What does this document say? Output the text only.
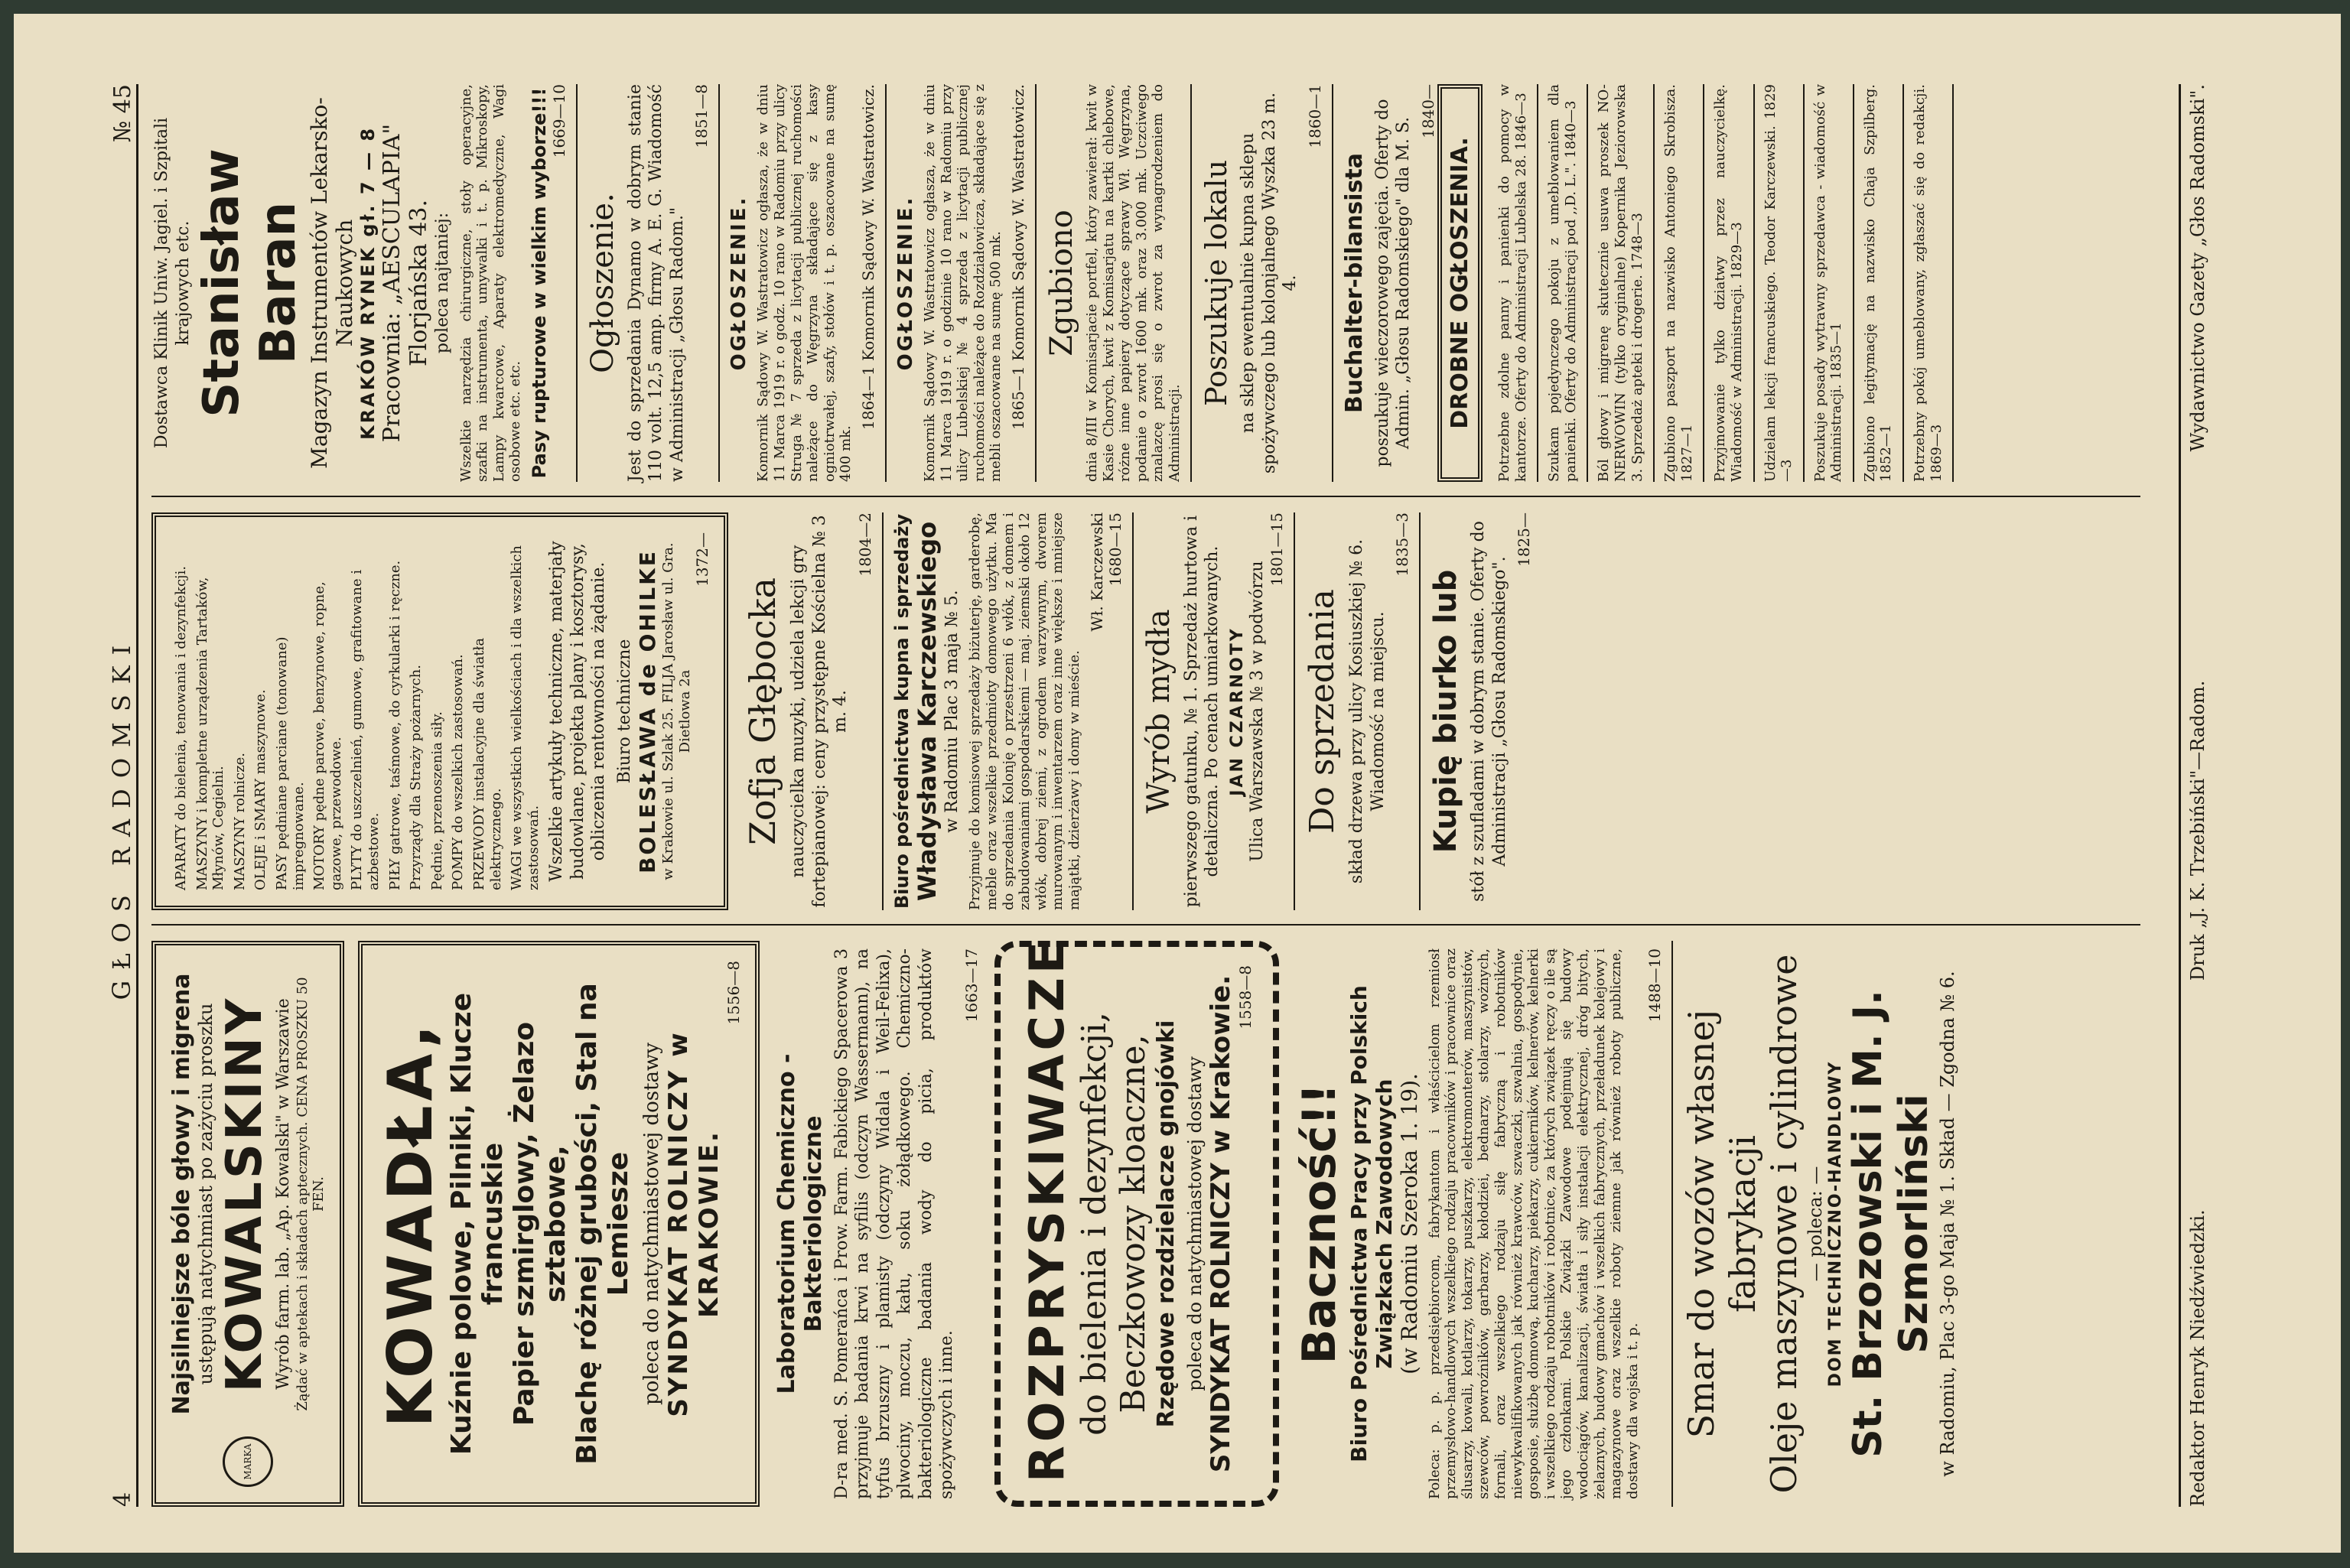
4
GŁOS RADOMSKI
№ 45
MARKA
Najsilniejsze bóle głowy i migrena ustępują natychmiast po zażyciu proszku KOWALSKINY Wyrób farm. lab. „Ap. Kowalski" w Warszawie Żądać w aptekach i składach aptecznych. CENA PROSZKU 50 FEN. KOWADŁA, Kuźnie polowe, Pilniki, Klucze francuskie Papier szmirglowy, Żelazo sztabowe, Blachę różnej grubości, Stal na Lemiesze poleca do natychmiastowej dostawy SYNDYKAT ROLNICZY w KRAKOWIE.
1556—8
Laboratorium Chemiczno - Bakteriologiczne D-ra med. S. Pomerańca i Prow. Farm. Fabickiego Spacerowa 3 przyjmuje badania krwi na syfilis (odczyn Wassermann), na tyfus brzuszny i plamisty (odczyny Widala i Weil-Felixa), plwociny, moczu, kału, soku żołądkowego. Chemiczno-bakteriologiczne badania wody do picia, produktów spożywczych i inne.

1663—17 ROZPRYSKIWACZE do bielenia i dezynfekcji, Beczkowozy kloaczne, Rzędowe rozdzielacze gnojówki poleca do natychmiastowej dostawy SYNDYKAT ROLNICZY w Krakowie. 1558—8
Baczność!! Biuro Pośrednictwa Pracy przy Polskich Związkach Zawodowych (w Radomiu Szeroka 1. 19). Poleca: p. p. przedsiębiorcom, fabrykantom i właścicielom rzemiosł przemysłowo-handlowych wszelkiego rodzaju pracowników i pracownice oraz ślusarzy, kowali, kotlarzy, tokarzy, puszkarzy, elektromonterów, maszynistów, szewców, powroźników, garbarzy, kołodziei, bednarzy, stolarzy, wożnych, fornali, oraz wszelkiego rodzaju siłę fabryczną i robotników niewykwalifikowanych jak również krawców, szwaczki, szwalnia, gospodynie, gosposie, służbę domową, kucharzy, piekarzy, cukierników, kelnerów, kelnerki i wszelkiego rodzaju robotników i robotnice, za których związek ręczy o ile są jego członkami. Polskie Związki Zawodowe podejmują się budowy wodociągów, kanalizacji, światła i siły instalacji elektrycznej, dróg bitych, żelaznych, budowy gmachów i wszelkich fabrycznych, przeładunek kolejowy i magazynowe oraz wszelkie roboty ziemne jak również roboty publiczne, dostawy dla wojska i t. p.

1488—10
Smar do wozów własnej fabrykacji Oleje maszynowe i cylindrowe — poleca: — DOM TECHNICZNO-HANDLOWY St. Brzozowski i M. J. Szmorliński w Radomiu, Plac 3-go Maja № 1. Skład — Zgodna № 6.

APARATY do bielenia, tenowania i dezynfekcji. MASZYNY i kompletne urządzenia Tartaków, Młynów, Cegielni. MASZYNY rolnicze. OLEJE i SMARY maszynowe. PASY pędniane parciane (tonowane) impregnowane. MOTORY pędne parowe, benzynowe, ropne, gazowe, przewodowe. PLYTY do uszczelnień, gumowe, grafitowane i azbestowe. PIŁY gatrowe, taśmowe, do cyrkularki i ręczne. Przyrządy dla Straży pożarnych. Pędnie, przenoszenia siły. POMPY do wszelkich zastosowań. PRZEWODY instalacyjne dla światła elektrycznego. WAGI we wszystkich wielkościach i dla wszelkich zastosowań. Wszelkie artykuły techniczne, materjały budowlane, projekta plany i kosztorysy, obliczenia rentowności na żądanie. Biuro techniczne BOLESŁAWA de OHILKE w Krakowie ul. Szlak 25. FILJA Jarosław ul. Gra. Dietlowa 2a
1372—
Zofja Głębocka nauczycielka muzyki, udziela lekcji gry fortepianowej: ceny przystępne Kościelna № 3 m. 4.

1804—2 Biuro pośrednictwa kupna i sprzedaży Władysława Karczewskiego w Radomiu Plac 3 maja № 5. Przyjmuje do komisowej sprzedaży biżuterję, garderobę, meble oraz wszelkie przedmioty domowego użytku. Ma do sprzedania Kolonję o przestrzeni 6 włók, z domem i zabudowaniami gospodarskiemi — maj. ziemski około 12 włók, dobrej ziemi, z ogrodem warzywnym, dworem murowanym i inwentarzem oraz inne większe i mniejsze majątki, dzierżawy i domy w mieście.

Wł. Karczewski 1680—15
Wyrób mydła pierwszego gatunku, № 1. Sprzedaż hurtowa i detaliczna. Po cenach umiarkowanych. JAN CZARNOTY Ulica Warszawska № 3 w podwórzu
1801—15
Do sprzedania skład drzewa przy ulicy Kosiuszkiej № 6. Wiadomość na miejscu.

1835—3
Kupię biurko lub stół z szufladami w dobrym stanie. Oferty do Administracji „Głosu Radomskiego".

1825—
Dostawca Klinik Uniw. Jagiel. i Szpitali krajowych etc. Stanisław Baran Magazyn Instrumentów Lekarsko-Naukowych KRAKÓW RYNEK gł. 7 — 8 Pracownia: „AESCULAPIA" Florjańska 43. poleca najtaniej: Wszelkie narzędzia chirurgiczne, stoły operacyjne, szafki na instrumenta, umywalki i t. p. Mikroskopy, Lampy kwarcowe, Aparaty elektromedyczne, Wagi osobowe etc. etc. Pasy rupturowe w wielkim wyborze!!! 1669—10
Ogłoszenie. Jest do sprzedania Dynamo w dobrym stanie 110 volt. 12,5 amp. firmy A. E. G. Wiadomość w Administracji „Głosu Radom."

1851—8
OGŁOSZENIE. Komornik Sądowy W. Wastratowicz ogłasza, że w dniu 11 Marca 1919 r. o godz. 10 rano w Radomiu przy ulicy Struga № 7 sprzeda z licytacji publicznej ruchomości należące do Węgrzyna składające się z kasy ogniotrwałej, szafy, stołów i t. p. oszacowane na sumę 400 mk.

1864—1 Komornik Sądowy W. Wastratowicz. OGŁOSZENIE. Komornik Sądowy W. Wastratowicz ogłasza, że w dniu 11 Marca 1919 r. o godzinie 10 rano w Radomiu przy ulicy Lubelskiej № 4 sprzeda z licytacji publicznej ruchomości należące do Rozdziałowicza, składające się z mebli oszacowane na sumę 500 mk. 1865—1 Komornik Sądowy W. Wastratowicz. Zgubiono dnia 8/III w Komisarjacie portfel, który zawierał: kwit w Kasie Chorych, kwit z Komisarjatu na kartki chlebowe, różne inne papiery dotyczące sprawy Wł. Węgrzyna, podanie o zwrot 1600 mk. oraz 3.000 mk. Uczciwego znalazcę prosi się o zwrot za wynagrodzeniem do Administracji.

Poszukuje lokalu na sklep ewentualnie kupna sklepu spożywczego lub kolonjalnego Wyszka 23 m. 4.

1860—1
Buchalter-bilansista poszukuje wieczorowego zajęcia. Oferty do Admin. „Głosu Radomskiego" dla M. S.

1840—
DROBNE OGŁOSZENIA. Potrzebne zdolne panny i panienki do pomocy w kantorze. Oferty do Administracji Lubelska 28. 1846—3 Szukam pojedynczego pokoju z umeblowaniem dla panienki. Oferty do Administracji pod ,,D. L.". 1840—3 Ból głowy i migrenę skutecznie usuwa proszek NO-NERWOWIN (tylko oryginalne) Kopernika Jeziorowska 3. Sprzedaż apteki i drogerie. 1748—3 Zgubiono paszport na nazwisko Antoniego Skrobisza. 1827—1 Przyjmowanie tylko dziatwy przez nauczycielkę. Wiadomość w Administracji. 1829—3 Udzielam lekcji francuskiego. Teodor Karczewski. 1829—3 Poszukuje posady wytrawny sprzedawca - wiadomość w Administracji. 1835—1 Zgubiono legitymację na nazwisko Chaja Szpilberg. 1852—1 Potrzebny pokój umeblowany, zgłaszać się do redakcji. 1869—3

Redaktor Henryk Niedźwiedzki.
Druk „J. K. Trzebiński"—Radom.
Wydawnictwo Gazety „Głos Radomski".
